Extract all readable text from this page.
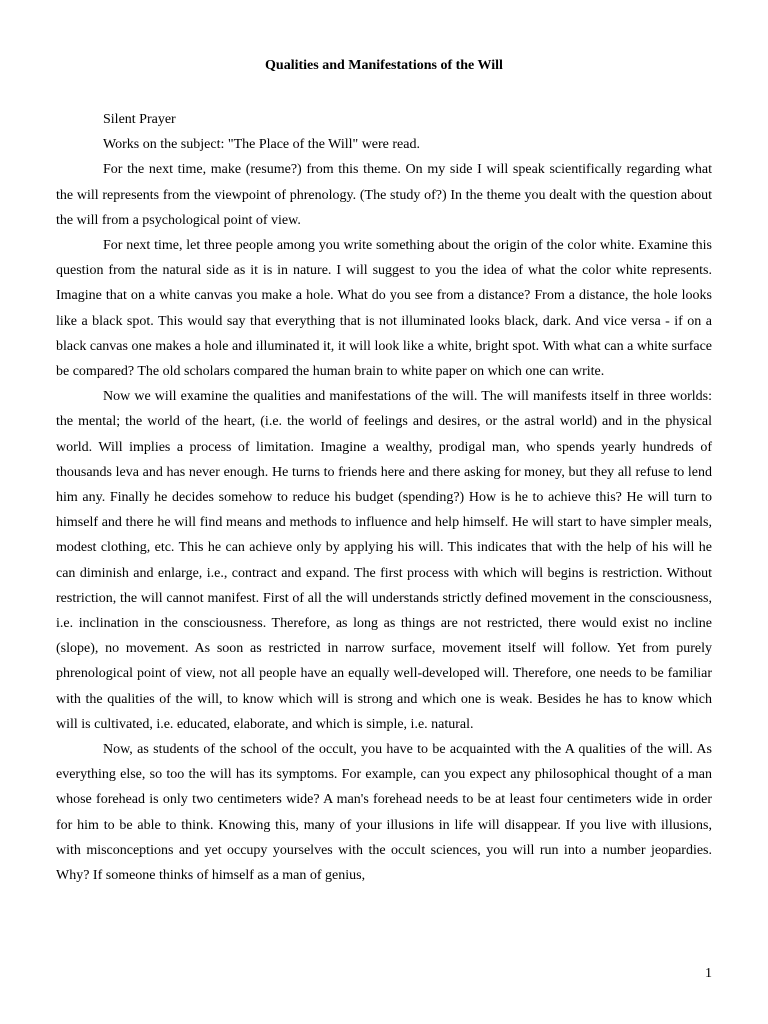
Qualities and Manifestations of the Will

Silent Prayer

Works on the subject: "The Place of the Will" were read.

For the next time, make (resume?) from this theme. On my side I will speak scientifically regarding what the will represents from the viewpoint of phrenology. (The study of?) In the theme you dealt with the question about the will from a psychological point of view.

For next time, let three people among you write something about the origin of the color white. Examine this question from the natural side as it is in nature. I will suggest to you the idea of what the color white represents. Imagine that on a white canvas you make a hole. What do you see from a distance? From a distance, the hole looks like a black spot. This would say that everything that is not illuminated looks black, dark. And vice versa - if on a black canvas one makes a hole and illuminated it, it will look like a white, bright spot. With what can a white surface be compared? The old scholars compared the human brain to white paper on which one can write.

Now we will examine the qualities and manifestations of the will. The will manifests itself in three worlds: the mental; the world of the heart, (i.e. the world of feelings and desires, or the astral world) and in the physical world. Will implies a process of limitation. Imagine a wealthy, prodigal man, who spends yearly hundreds of thousands leva and has never enough. He turns to friends here and there asking for money, but they all refuse to lend him any. Finally he decides somehow to reduce his budget (spending?) How is he to achieve this? He will turn to himself and there he will find means and methods to influence and help himself. He will start to have simpler meals, modest clothing, etc. This he can achieve only by applying his will. This indicates that with the help of his will he can diminish and enlarge, i.e., contract and expand. The first process with which will begins is restriction. Without restriction, the will cannot manifest. First of all the will understands strictly defined movement in the consciousness, i.e. inclination in the consciousness. Therefore, as long as things are not restricted, there would exist no incline (slope), no movement. As soon as restricted in narrow surface, movement itself will follow. Yet from purely phrenological point of view, not all people have an equally well-developed will. Therefore, one needs to be familiar with the qualities of the will, to know which will is strong and which one is weak. Besides he has to know which will is cultivated, i.e. educated, elaborate, and which is simple, i.e. natural.

Now, as students of the school of the occult, you have to be acquainted with the A qualities of the will. As everything else, so too the will has its symptoms. For example, can you expect any philosophical thought of a man whose forehead is only two centimeters wide? A man's forehead needs to be at least four centimeters wide in order for him to be able to think. Knowing this, many of your illusions in life will disappear. If you live with illusions, with misconceptions and yet occupy yourselves with the occult sciences, you will run into a number jeopardies. Why? If someone thinks of himself as a man of genius,

1
